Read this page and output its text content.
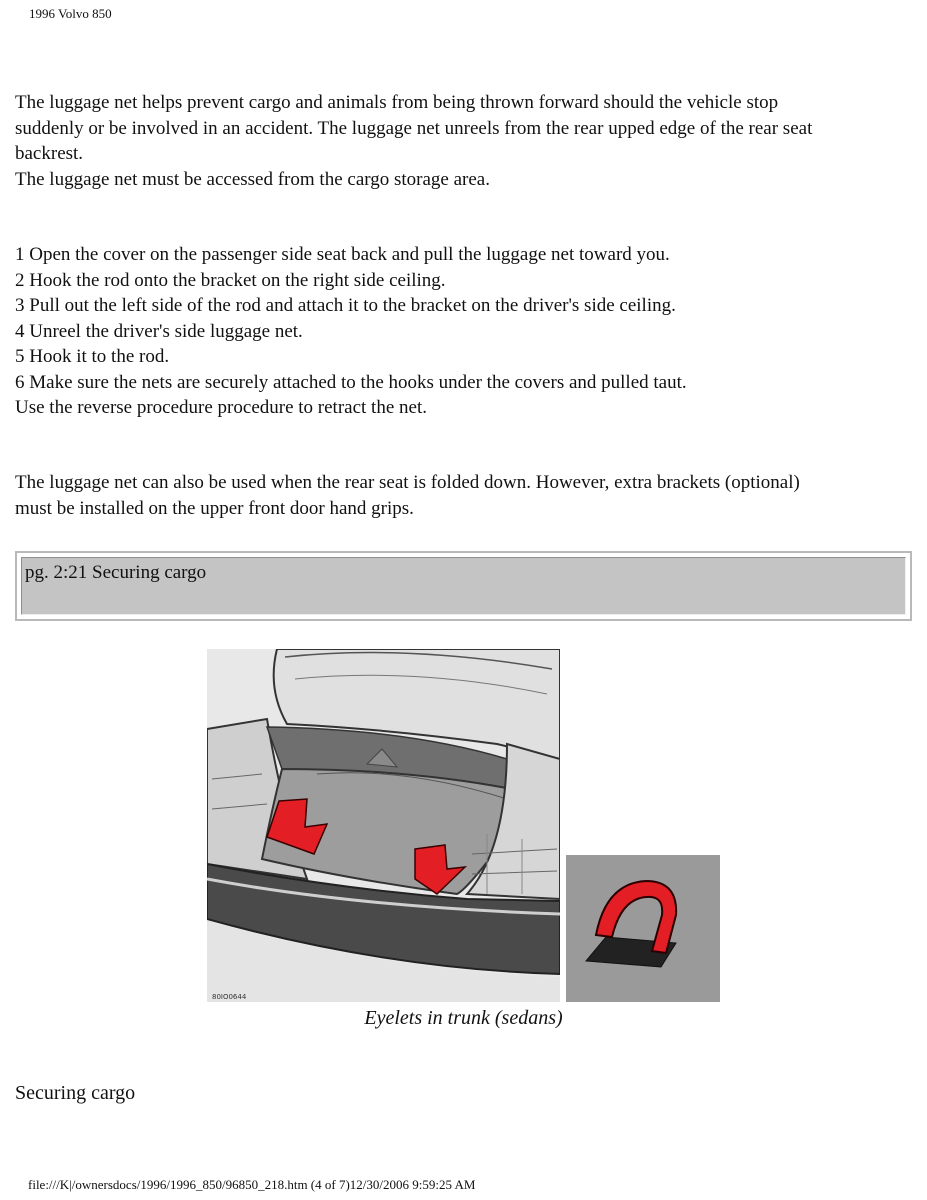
1996 Volvo 850
The luggage net helps prevent cargo and animals from being thrown forward should the vehicle stop
suddenly or be involved in an accident. The luggage net unreels from the rear upped edge of the rear seat
backrest.
The luggage net must be accessed from the cargo storage area.
1 Open the cover on the passenger side seat back and pull the luggage net toward you.
2 Hook the rod onto the bracket on the right side ceiling.
3 Pull out the left side of the rod and attach it to the bracket on the driver's side ceiling.
4 Unreel the driver's side luggage net.
5 Hook it to the rod.
6 Make sure the nets are securely attached to the hooks under the covers and pulled taut.
Use the reverse procedure procedure to retract the net.
The luggage net can also be used when the rear seat is folded down. However, extra brackets (optional)
must be installed on the upper front door hand grips.
pg. 2:21 Securing cargo
80IO0644
Eyelets in trunk (sedans)
Securing cargo
file:///K|/ownersdocs/1996/1996_850/96850_218.htm (4 of 7)12/30/2006 9:59:25 AM
